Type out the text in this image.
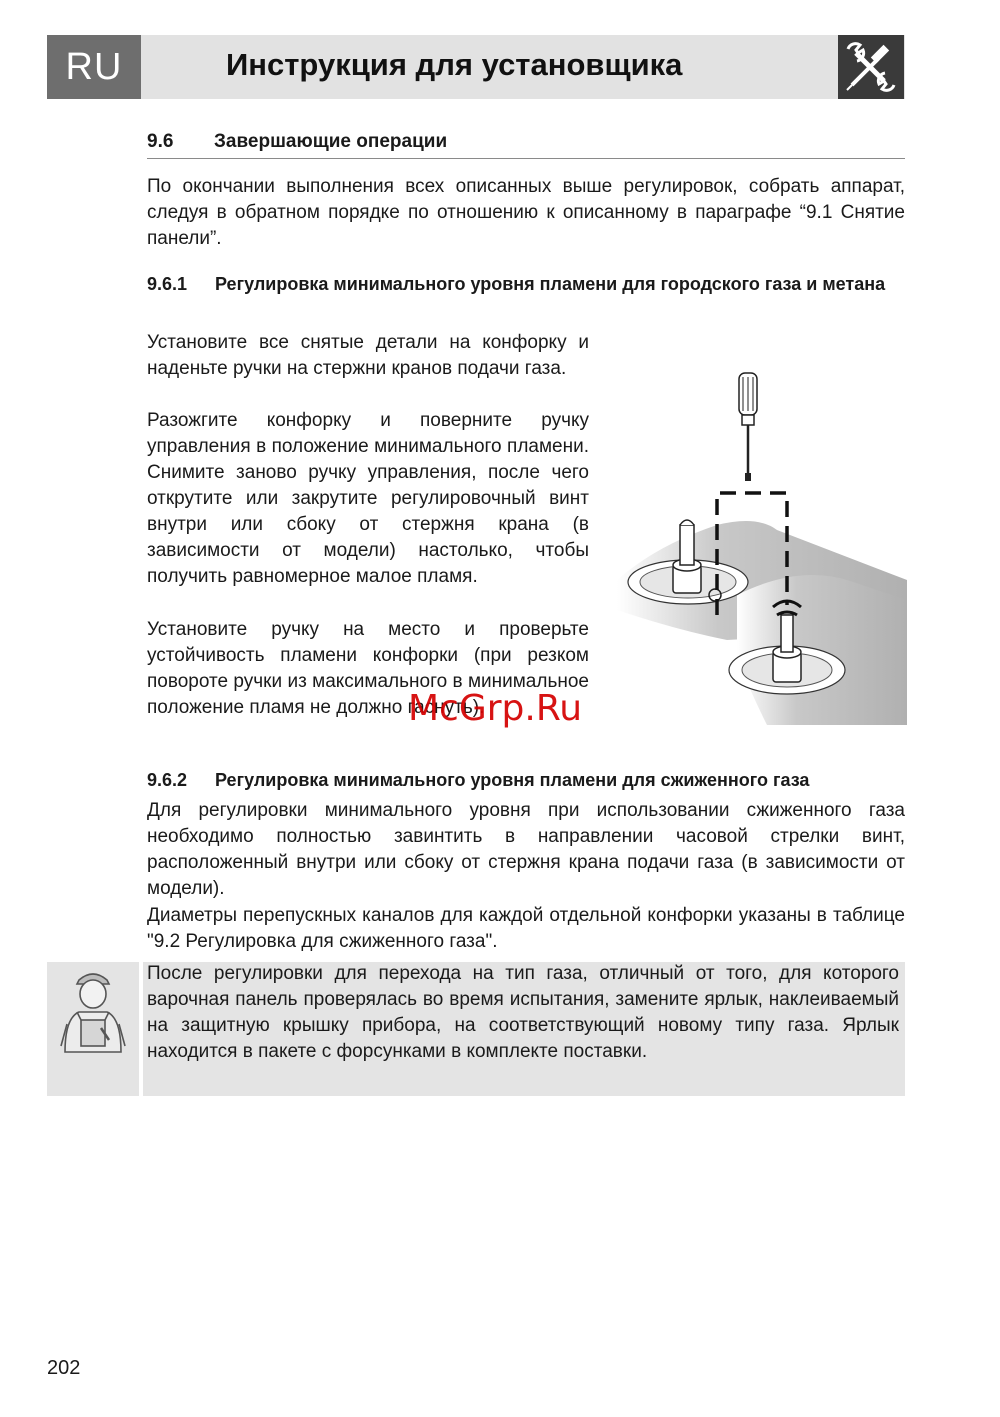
RU	Инструкция для установщика
9.6 Завершающие операции
По окончании выполнения всех описанных выше регулировок, собрать аппарат, следуя в обратном порядке по отношению к описанному в параграфе “9.1 Снятие панели”.
9.6.1 Регулировка минимального уровня пламени для городского газа и метана
Установите все снятые детали на конфорку и наденьте ручки на стержни кранов подачи газа.
Разожгите конфорку и поверните ручку управления в положение минимального пламени. Снимите заново ручку управления, после чего открутите или закрутите регулировочный винт внутри или сбоку от стержня крана (в зависимости от модели) настолько, чтобы получить равномерное малое пламя.
Установите ручку на место и проверьте устойчивость пламени конфорки (при резком повороте ручки из максимального в минимальное положение пламя не должно гаснуть).
9.6.2 Регулировка минимального уровня пламени для сжиженного газа
Для регулировки минимального уровня при использовании сжиженного газа необходимо полностью завинтить в направлении часовой стрелки винт, расположенный внутри или сбоку от стержня крана подачи газа (в зависимости от модели).
Диаметры перепускных каналов для каждой отдельной конфорки указаны в таблице "9.2 Регулировка для сжиженного газа".
После регулировки для перехода на тип газа, отличный от того, для которого варочная панель проверялась во время испытания, замените ярлык, наклеиваемый на защитную крышку прибора, на соответствующий новому типу газа. Ярлык находится в пакете с форсунками в комплекте поставки.
McGrp.Ru
202
